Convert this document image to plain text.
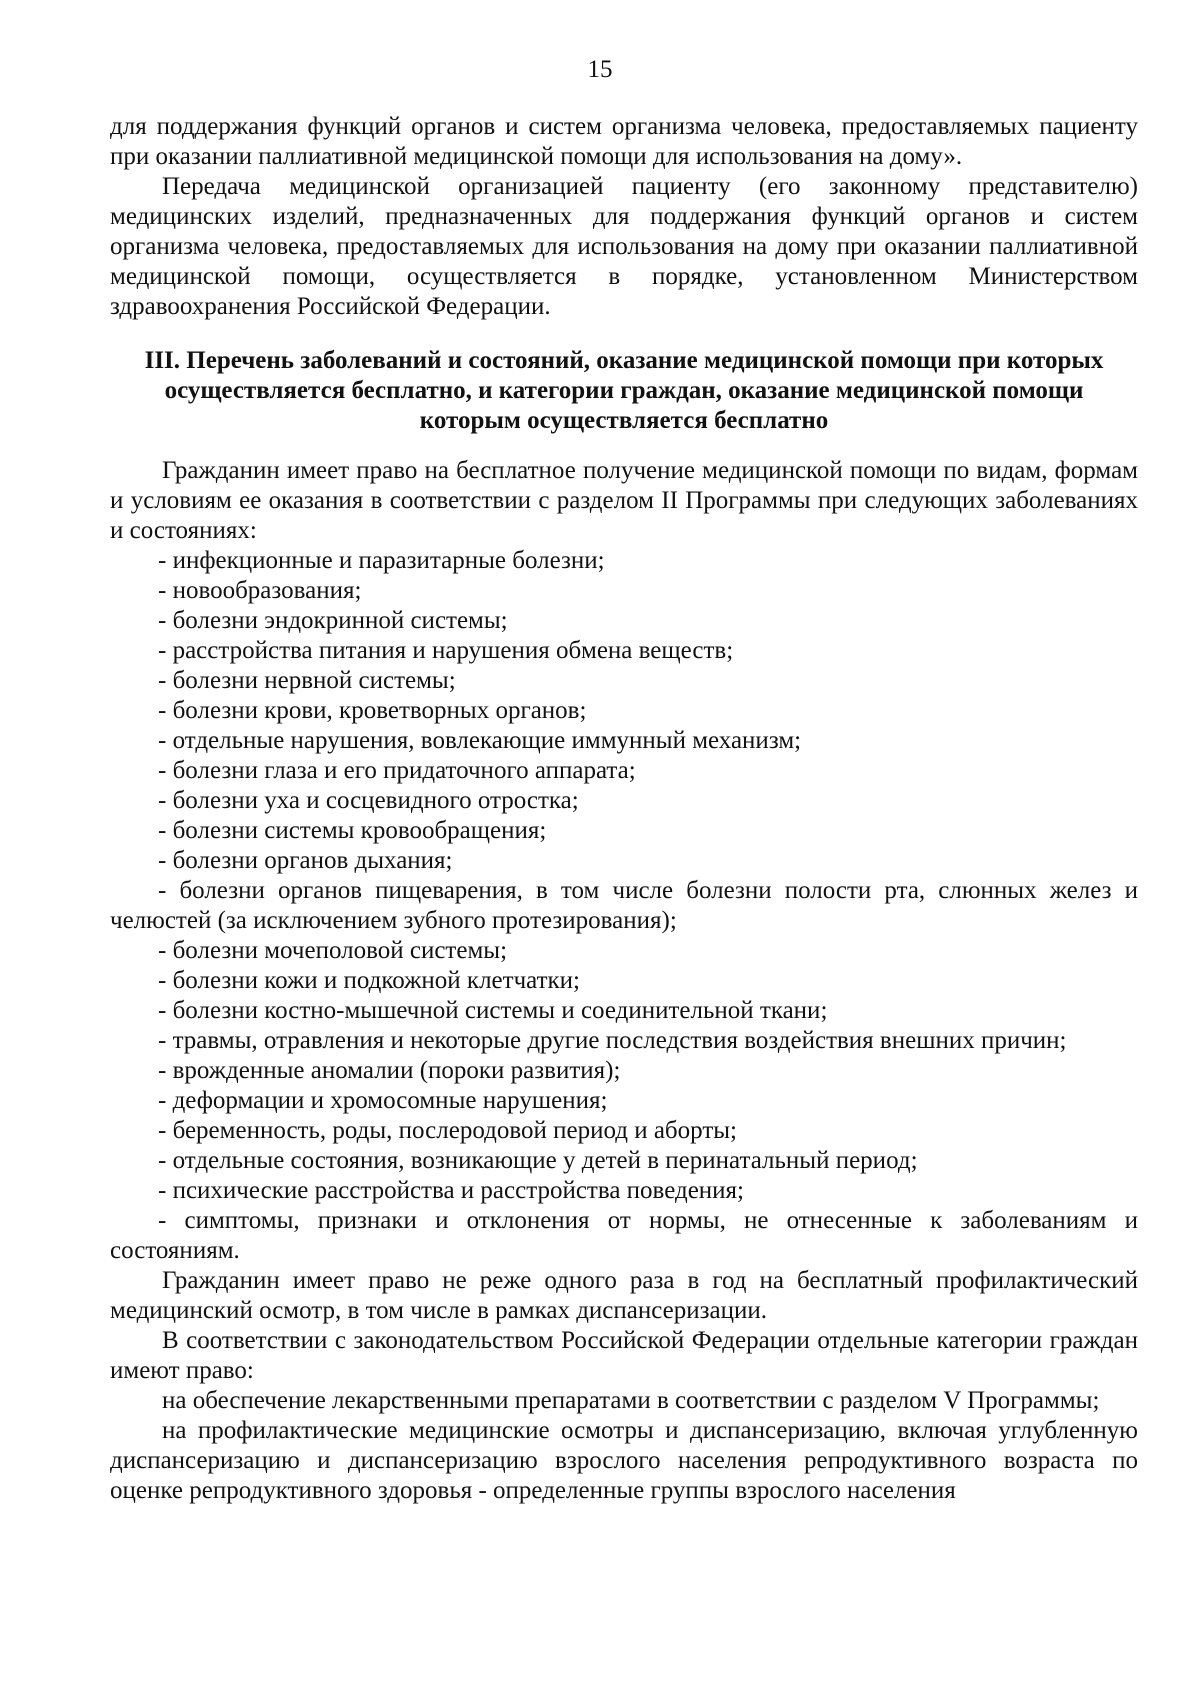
15

для поддержания функций органов и систем организма человека, предоставляемых пациенту при оказании паллиативной медицинской помощи для использования на дому».

Передача медицинской организацией пациенту (его законному представителю) медицинских изделий, предназначенных для поддержания функций органов и систем организма человека, предоставляемых для использования на дому при оказании паллиативной медицинской помощи, осуществляется в порядке, установленном Министерством здравоохранения Российской Федерации.

III. Перечень заболеваний и состояний, оказание медицинской помощи при которых
осуществляется бесплатно, и категории граждан, оказание медицинской помощи
которым осуществляется бесплатно

Гражданин имеет право на бесплатное получение медицинской помощи по видам, формам и условиям ее оказания в соответствии с разделом II Программы при следующих заболеваниях и состояниях:

- инфекционные и паразитарные болезни;
- новообразования;
- болезни эндокринной системы;
- расстройства питания и нарушения обмена веществ;
- болезни нервной системы;
- болезни крови, кроветворных органов;
- отдельные нарушения, вовлекающие иммунный механизм;
- болезни глаза и его придаточного аппарата;
- болезни уха и сосцевидного отростка;
- болезни системы кровообращения;
- болезни органов дыхания;
- болезни органов пищеварения, в том числе болезни полости рта, слюнных желез и челюстей (за исключением зубного протезирования);
- болезни мочеполовой системы;
- болезни кожи и подкожной клетчатки;
- болезни костно-мышечной системы и соединительной ткани;
- травмы, отравления и некоторые другие последствия воздействия внешних причин;
- врожденные аномалии (пороки развития);
- деформации и хромосомные нарушения;
- беременность, роды, послеродовой период и аборты;
- отдельные состояния, возникающие у детей в перинатальный период;
- психические расстройства и расстройства поведения;
- симптомы, признаки и отклонения от нормы, не отнесенные к заболеваниям и состояниям.

Гражданин имеет право не реже одного раза в год на бесплатный профилактический медицинский осмотр, в том числе в рамках диспансеризации.

В соответствии с законодательством Российской Федерации отдельные категории граждан имеют право:

на обеспечение лекарственными препаратами в соответствии с разделом V Программы;

на профилактические медицинские осмотры и диспансеризацию, включая углубленную диспансеризацию и диспансеризацию взрослого населения репродуктивного возраста по оценке репродуктивного здоровья - определенные группы взрослого населения
